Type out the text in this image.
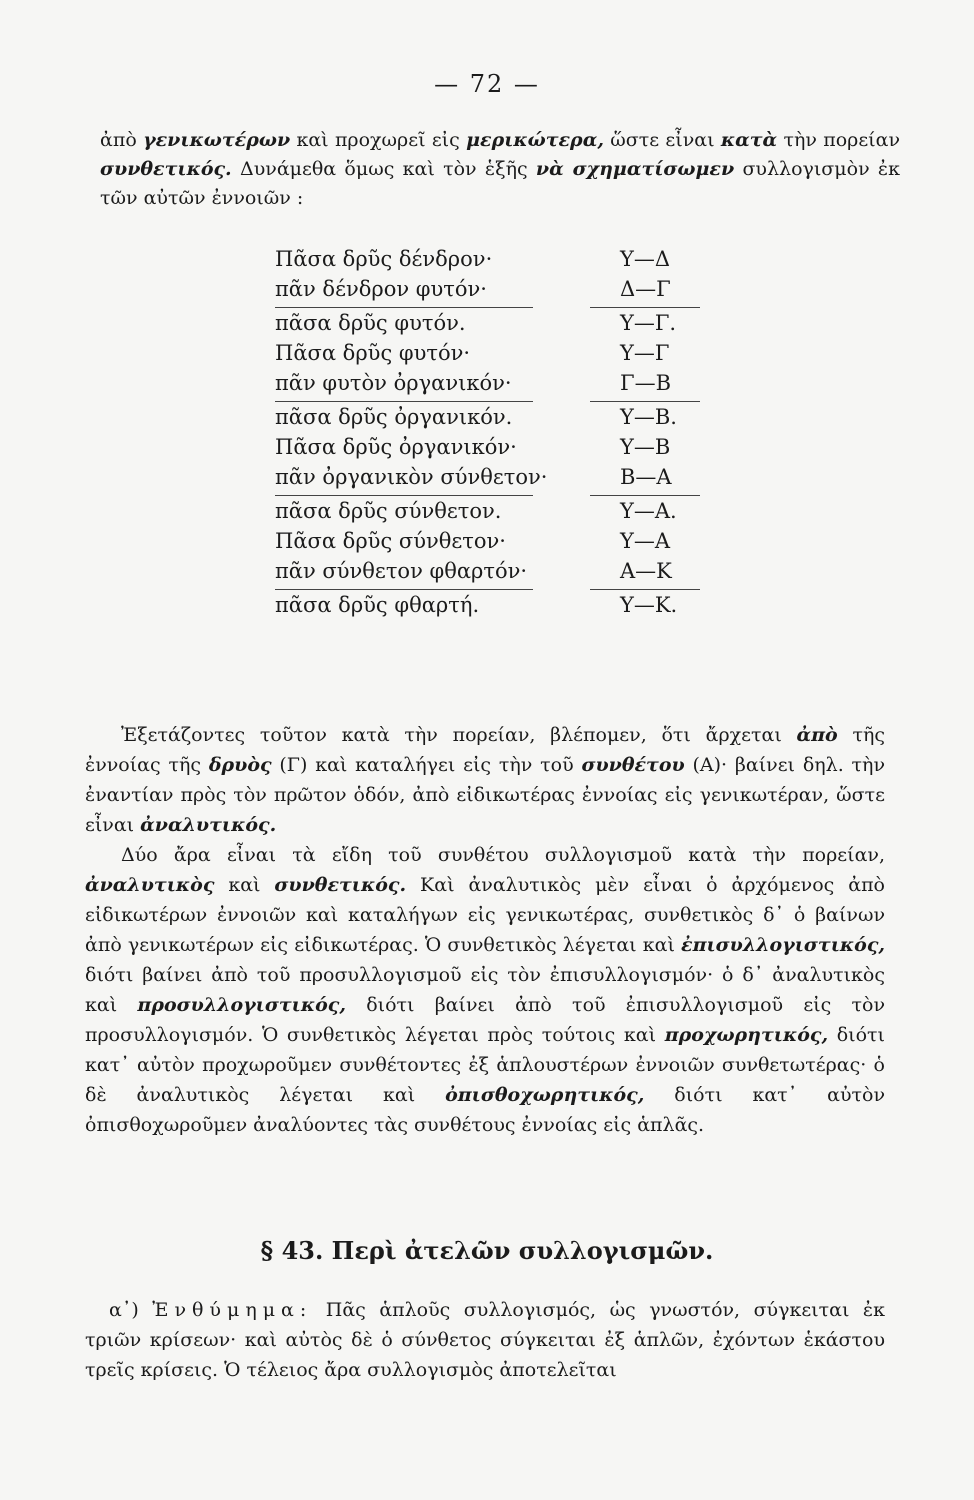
— 72 —
ἀπὸ γενικωτέρων καὶ προχωρεῖ εἰς μερικώτερα, ὥστε εἶναι κατὰ τὴν πορείαν συνθετικός. Δυνάμεθα ὅμως καὶ τὸν ἑξῆς νὰ σχηματίσωμεν συλλογισμὸν ἐκ τῶν αὐτῶν ἐννοιῶν :
Πᾶσα δρῦς δένδρον·	Υ—Δ
πᾶν δένδρον φυτόν·	Δ—Γ
πᾶσα δρῦς φυτόν.	Υ—Γ.
Πᾶσα δρῦς φυτόν·	Υ—Γ
πᾶν φυτὸν ὀργανικόν·	Γ—Β
πᾶσα δρῦς ὀργανικόν.	Υ—Β.
Πᾶσα δρῦς ὀργανικόν·	Υ—Β
πᾶν ὀργανικὸν σύνθετον·	Β—Α
πᾶσα δρῦς σύνθετον.	Υ—Α.
Πᾶσα δρῦς σύνθετον·	Υ—Α
πᾶν σύνθετον φθαρτόν·	Α—Κ
πᾶσα δρῦς φθαρτή.	Υ—Κ.

Ἐξετάζοντες τοῦτον κατὰ τὴν πορείαν, βλέπομεν, ὅτι ἄρχεται ἀπὸ τῆς ἐννοίας τῆς δρυὸς (Γ) καὶ καταλήγει εἰς τὴν τοῦ συνθέτου (Α)· βαίνει δηλ. τὴν ἐναντίαν πρὸς τὸν πρῶτον ὁδόν, ἀπὸ εἰδικωτέρας ἐννοίας εἰς γενικωτέραν, ὥστε εἶναι ἀναλυτικός.

Δύο ἄρα εἶναι τὰ εἴδη τοῦ συνθέτου συλλογισμοῦ κατὰ τὴν πορείαν, ἀναλυτικὸς καὶ συνθετικός. Καὶ ἀναλυτικὸς μὲν εἶναι ὁ ἀρχόμενος ἀπὸ εἰδικωτέρων ἐννοιῶν καὶ καταλήγων εἰς γενικωτέρας, συνθετικὸς δ᾽ ὁ βαίνων ἀπὸ γενικωτέρων εἰς εἰδικωτέρας. Ὁ συνθετικὸς λέγεται καὶ ἐπισυλλογιστικός, διότι βαίνει ἀπὸ τοῦ προσυλλογισμοῦ εἰς τὸν ἐπισυλλογισμόν· ὁ δ᾽ ἀναλυτικὸς καὶ προσυλλογιστικός, διότι βαίνει ἀπὸ τοῦ ἐπισυλλογισμοῦ εἰς τὸν προσυλλογισμόν. Ὁ συνθετικὸς λέγεται πρὸς τούτοις καὶ προχωρητικός, διότι κατ᾽ αὐτὸν προχωροῦμεν συνθέτοντες ἐξ ἁπλουστέρων ἐννοιῶν συνθετωτέρας· ὁ δὲ ἀναλυτικὸς λέγεται καὶ ὀπισθοχωρητικός, διότι κατ᾽ αὐτὸν ὀπισθοχωροῦμεν ἀναλύοντες τὰς συνθέτους ἐννοίας εἰς ἁπλᾶς.

§ 43. Περὶ ἀτελῶν συλλογισμῶν.

α᾽) Ἐνθύμημα: Πᾶς ἁπλοῦς συλλογισμός, ὡς γνωστόν, σύγκειται ἐκ τριῶν κρίσεων· καὶ αὐτὸς δὲ ὁ σύνθετος σύγκειται ἐξ ἁπλῶν, ἐχόντων ἑκάστου τρεῖς κρίσεις. Ὁ τέλειος ἄρα συλλογισμὸς ἀποτελεῖται
